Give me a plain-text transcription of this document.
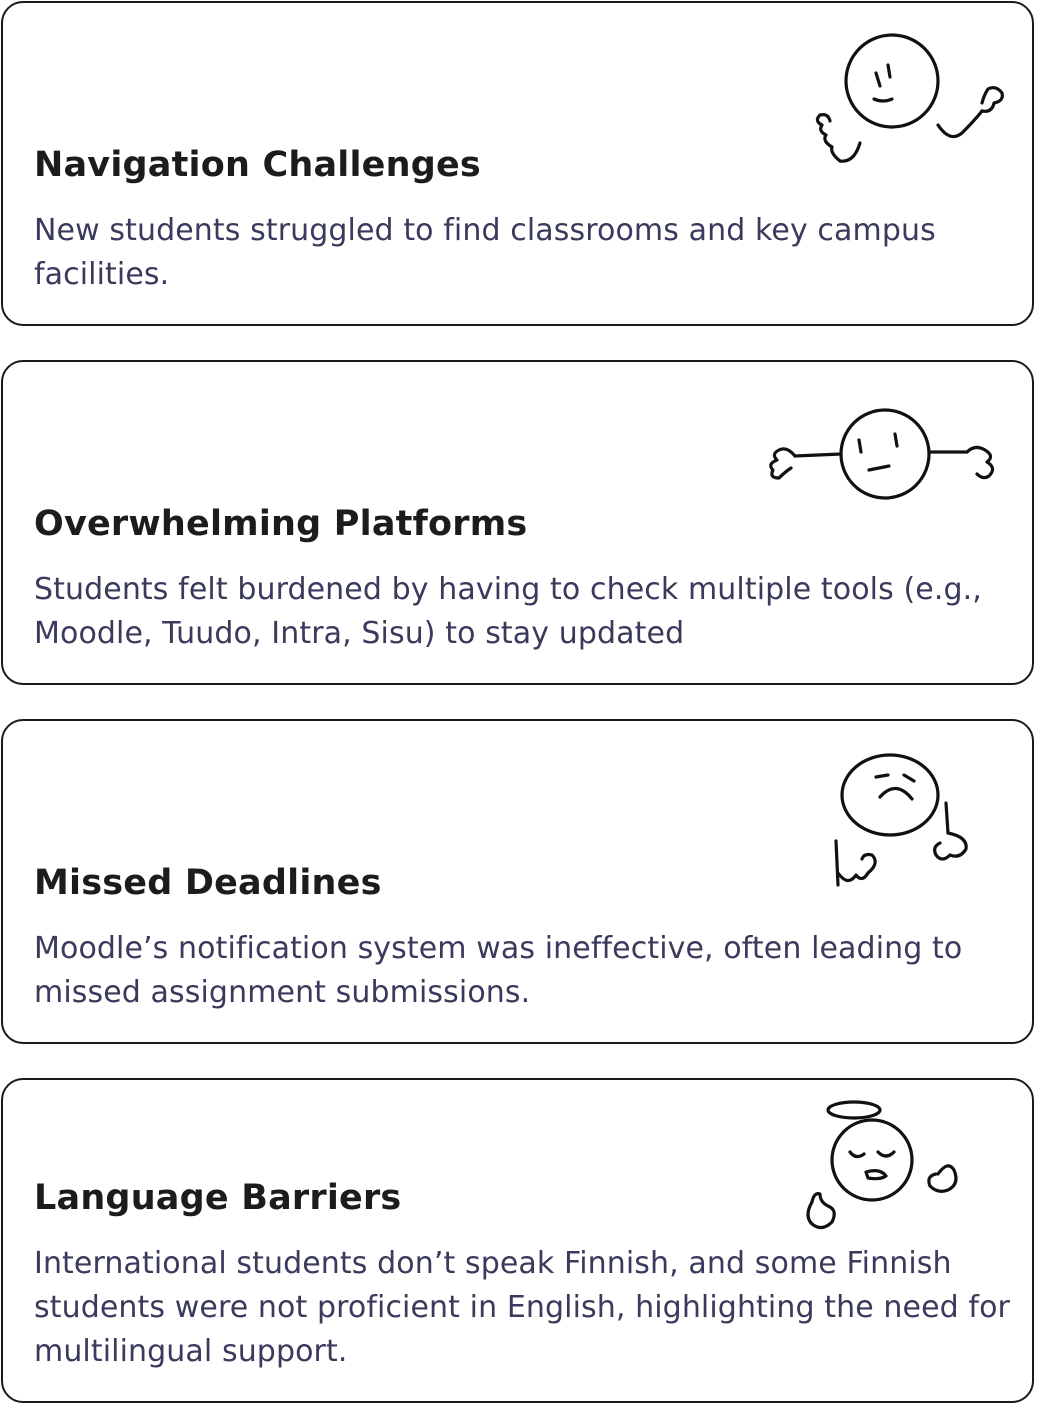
Navigation Challenges

New students struggled to find classrooms and key campus facilities.

Overwhelming Platforms

Students felt burdened by having to check multiple tools (e.g., Moodle, Tuudo, Intra, Sisu) to stay updated

Missed Deadlines

Moodle’s notification system was ineffective, often leading to missed assignment submissions.

Language Barriers

International students don’t speak Finnish, and some Finnish students were not proficient in English, highlighting the need for multilingual support.
